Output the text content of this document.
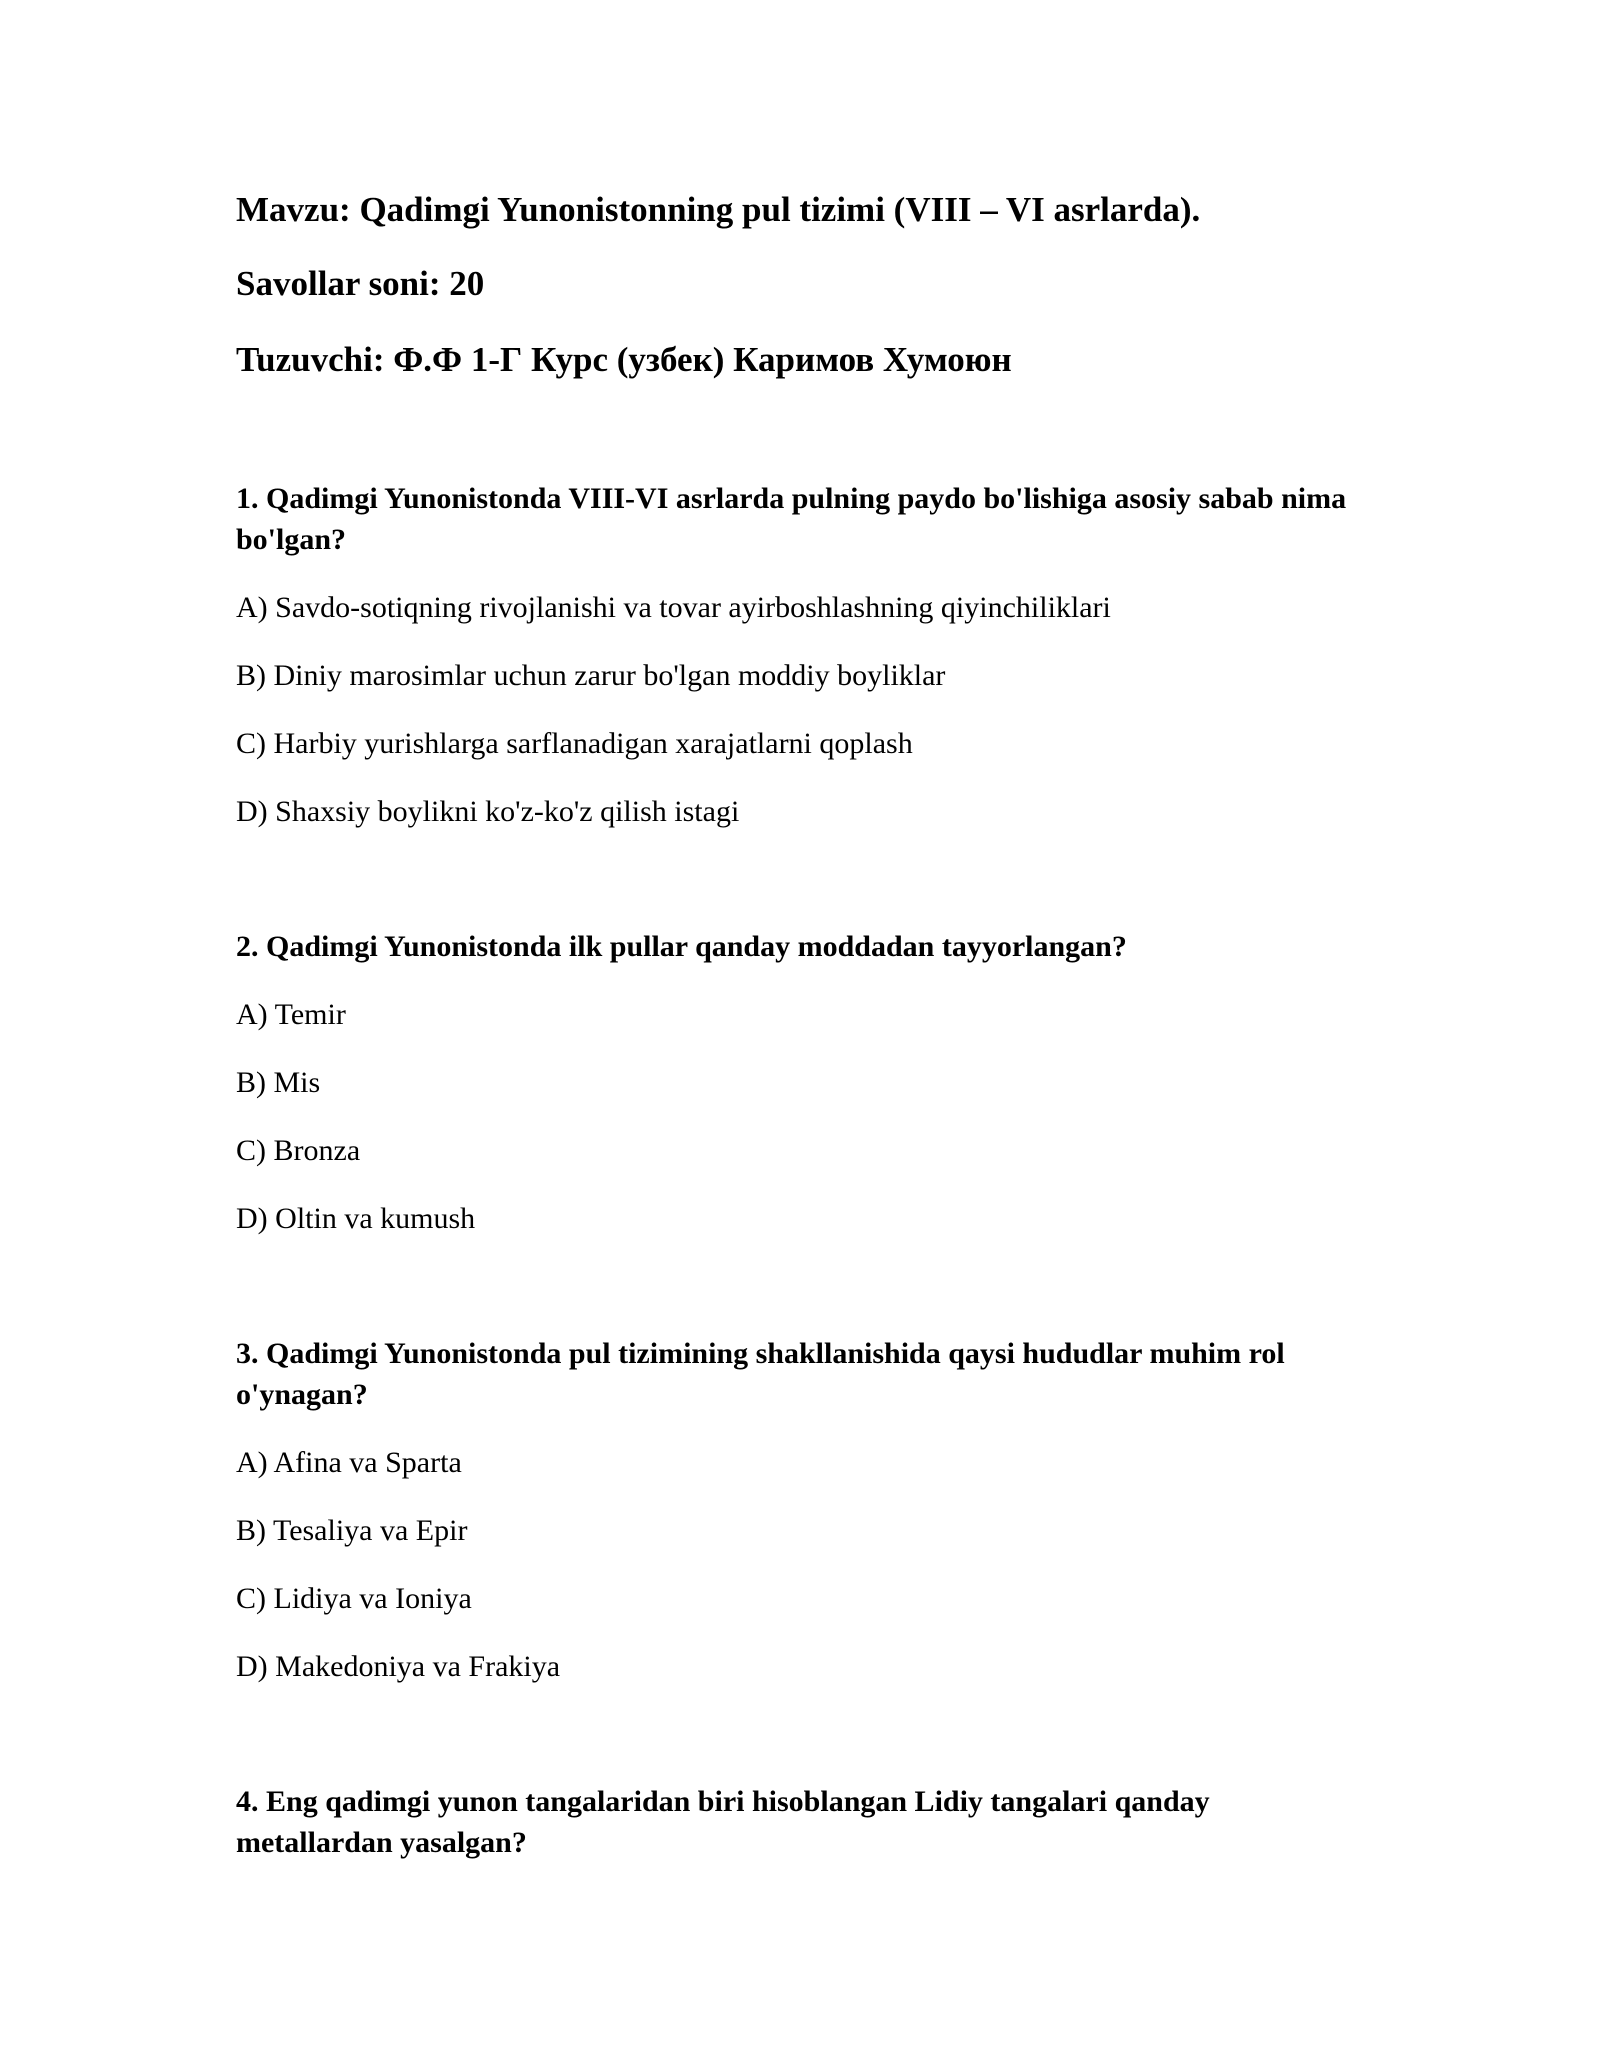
Mavzu: Qadimgi Yunonistonning pul tizimi (VIII – VI asrlarda).
Savollar soni: 20
Tuzuvchi: Ф.Ф 1-Г Курс (узбек) Каримов Хумоюн

1. Qadimgi Yunonistonda VIII-VI asrlarda pulning paydo bo'lishiga asosiy sabab nima bo'lgan?

A) Savdo-sotiqning rivojlanishi va tovar ayirboshlashning qiyinchiliklari

B) Diniy marosimlar uchun zarur bo'lgan moddiy boyliklar

C) Harbiy yurishlarga sarflanadigan xarajatlarni qoplash

D) Shaxsiy boylikni ko'z-ko'z qilish istagi

2. Qadimgi Yunonistonda ilk pullar qanday moddadan tayyorlangan?

A) Temir

B) Mis

C) Bronza

D) Oltin va kumush

3. Qadimgi Yunonistonda pul tizimining shakllanishida qaysi hududlar muhim rol o'ynagan?

A) Afina va Sparta

B) Tesaliya va Epir

C) Lidiya va Ioniya

D) Makedoniya va Frakiya

4. Eng qadimgi yunon tangalaridan biri hisoblangan Lidiy tangalari qanday metallardan yasalgan?
